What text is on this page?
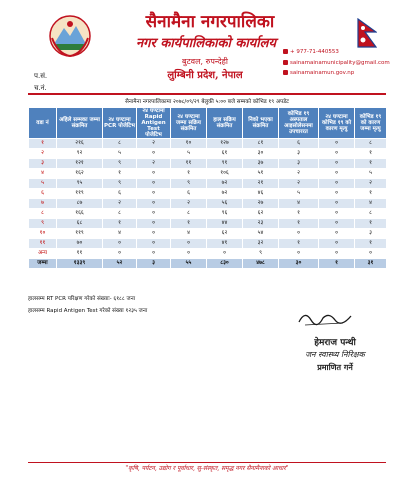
सैनामैना नगरपालिका
नगर कार्यपालिकाको कार्यालय
बुटवल, रुपन्देही
लुम्बिनी प्रदेश, नेपाल
+ 977-71-440553
sainamainamunicipality@gmail.com
sainamainamun.gov.np
प.सं.
च.नं.
सैनामैना नगरपालिकामा २०७८/०९/२९ बेलुकी ५:०० बजे सम्मको कोभिड १९ अपडेट
वडा नं	अहिले सम्मका जम्मा संक्रमित	२४ घण्टामा PCR पोजेटिभ	२४ घण्टामा Rapid Antigen Test पोजेटिभ	२४ घण्टामा जम्मा सक्रिय संक्रमित	हाल सक्रिय संक्रमित	निको भएका संक्रमित	कोभिड १९ अस्पताल आइसोलेसनमा उपचाररत	२४ घण्टामा कोभिड १९ को कारण मृत्यु	कोभिड १९ को कारण जम्मा मृत्यु
१	२१६	८	२	१०	१२७	८१	६	०	८
२	९२	५	०	५	६१	३०	३	०	१
३	१२१	९	२	११	९१	३७	३	०	१
४	१६२	१	०	१	१०६	५१	२	०	५
५	९५	९	०	९	७२	२१	२	०	२
६	११९	६	०	६	७२	४६	५	०	१
७	८७	२	०	२	५६	२७	४	०	४
८	१६६	८	०	८	९६	६२	१	०	८
९	६८	१	०	१	४४	२३	१	०	१
१०	११९	४	०	४	६२	५४	०	०	३
११	७०	०	०	०	४१	३२	१	०	१
अन्य	११	०	०	०	०	९	०	०	०
जम्मा	१३३९	५२	३	५५	८३०	४७८	३०	१	३१
हालसम्म RT PCR परिक्षण गरेको संख्याः- ६१८८ जना
हालसम्म Rapid Antigen Test गरेको संख्या १२३५ जना
हेमराज पन्थी
जन स्वास्थ्य निरिक्षक
प्रमाणित गर्ने
"कृषि, पर्यटन, उद्योग र पूर्वाधार, सु-संस्कृत, समृद्ध नगर सैनामैनाको आधार"
